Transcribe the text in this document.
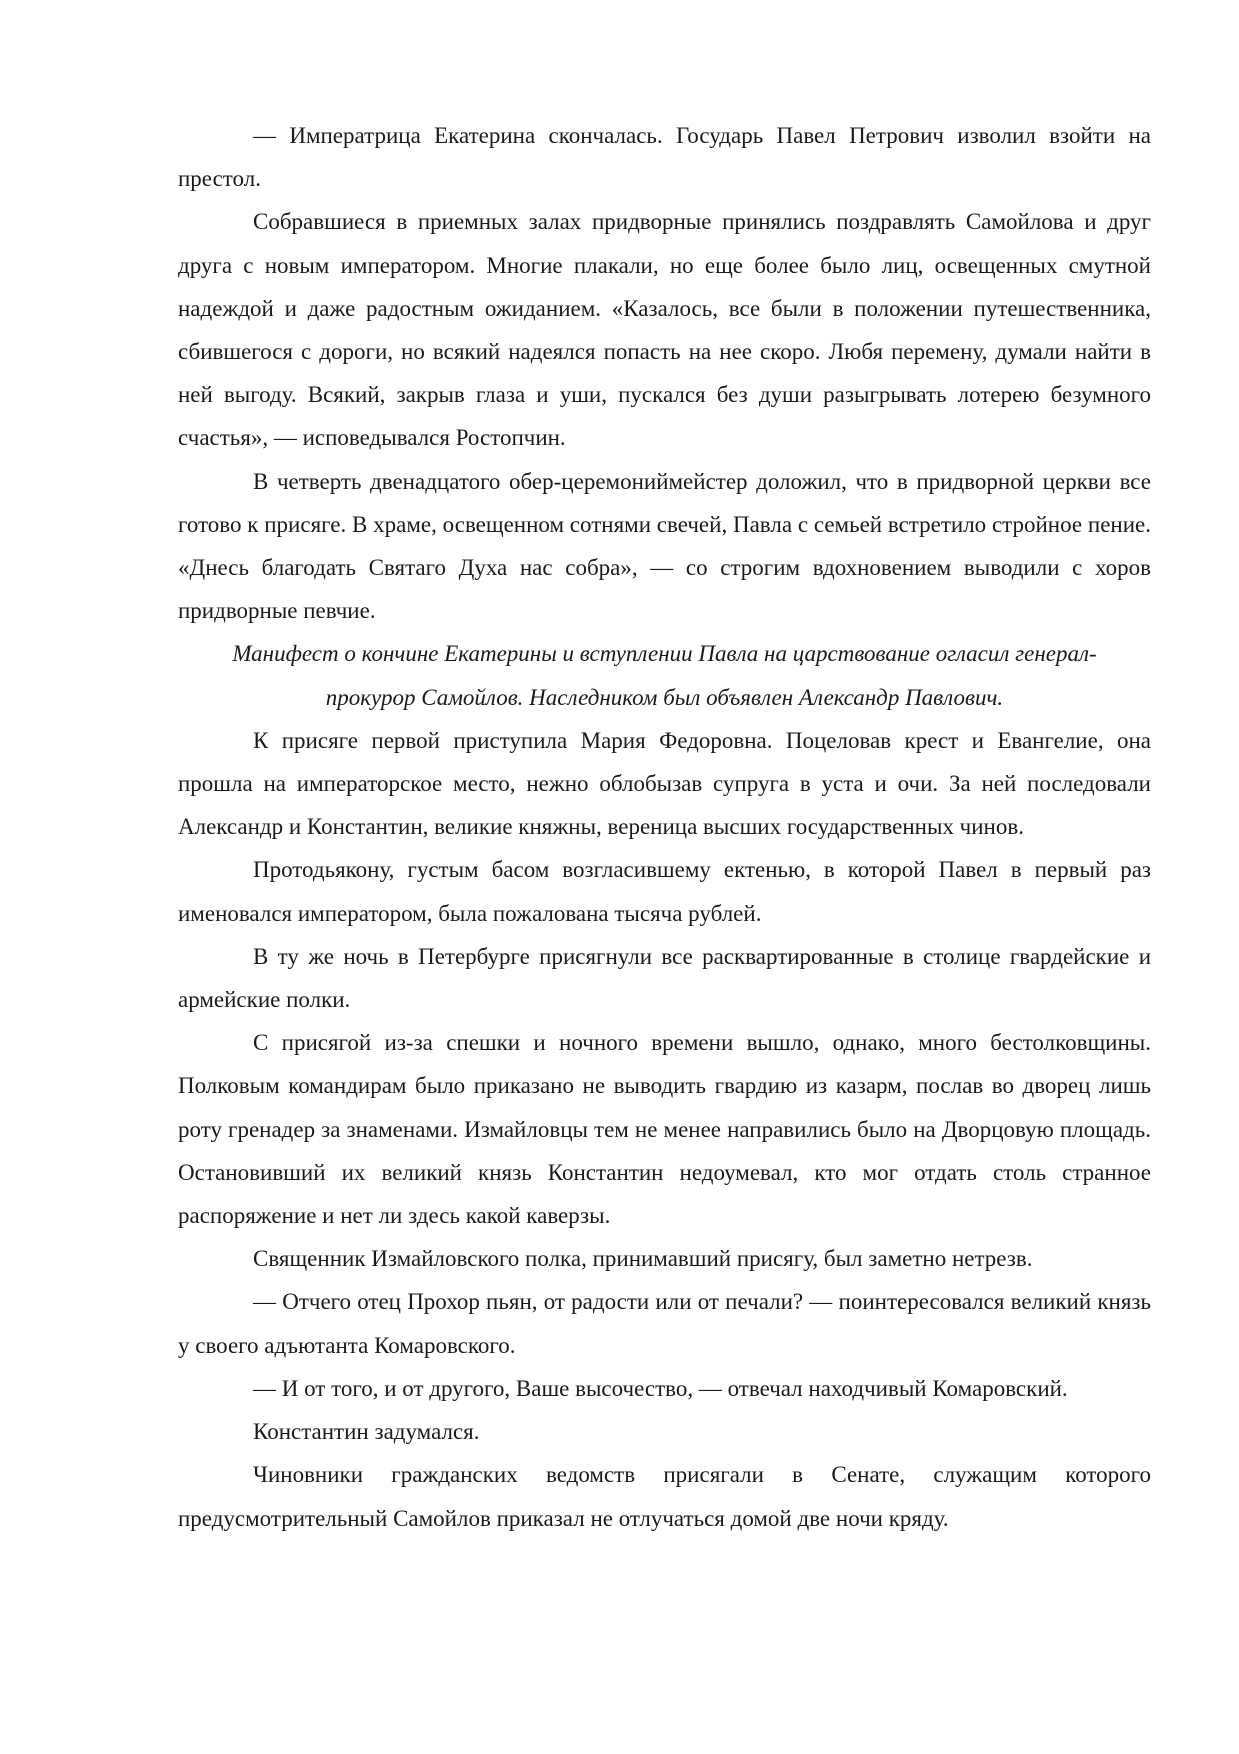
— Императрица Екатерина скончалась. Государь Павел Петрович изволил взойти на престол.

Собравшиеся в приемных залах придворные принялись поздравлять Самойлова и друг друга с новым императором. Многие плакали, но еще более было лиц, освещенных смутной надеждой и даже радостным ожиданием. «Казалось, все были в положении путешественника, сбившегося с дороги, но всякий надеялся попасть на нее скоро. Любя перемену, думали найти в ней выгоду. Всякий, закрыв глаза и уши, пускался без души разыгрывать лотерею безумного счастья», — исповедывался Ростопчин.

В четверть двенадцатого обер-церемониймейстер доложил, что в придворной церкви все готово к присяге. В храме, освещенном сотнями свечей, Павла с семьей встретило стройное пение. «Днесь благодать Святаго Духа нас собра», — со строгим вдохновением выводили с хоров придворные певчие.

Манифест о кончине Екатерины и вступлении Павла на царствование огласил генерал-прокурор Самойлов. Наследником был объявлен Александр Павлович.

К присяге первой приступила Мария Федоровна. Поцеловав крест и Евангелие, она прошла на императорское место, нежно облобызав супруга в уста и очи. За ней последовали Александр и Константин, великие княжны, вереница высших государственных чинов.

Протодьякону, густым басом возгласившему ектенью, в которой Павел в первый раз именовался императором, была пожалована тысяча рублей.

В ту же ночь в Петербурге присягнули все расквартированные в столице гвардейские и армейские полки.

С присягой из-за спешки и ночного времени вышло, однако, много бестолковщины. Полковым командирам было приказано не выводить гвардию из казарм, послав во дворец лишь роту гренадер за знаменами. Измайловцы тем не менее направились было на Дворцовую площадь. Остановивший их великий князь Константин недоумевал, кто мог отдать столь странное распоряжение и нет ли здесь какой каверзы.

Священник Измайловского полка, принимавший присягу, был заметно нетрезв.

— Отчего отец Прохор пьян, от радости или от печали? — поинтересовался великий князь у своего адъютанта Комаровского.

— И от того, и от другого, Ваше высочество, — отвечал находчивый Комаровский.

Константин задумался.

Чиновники гражданских ведомств присягали в Сенате, служащим которого предусмотрительный Самойлов приказал не отлучаться домой две ночи кряду.
